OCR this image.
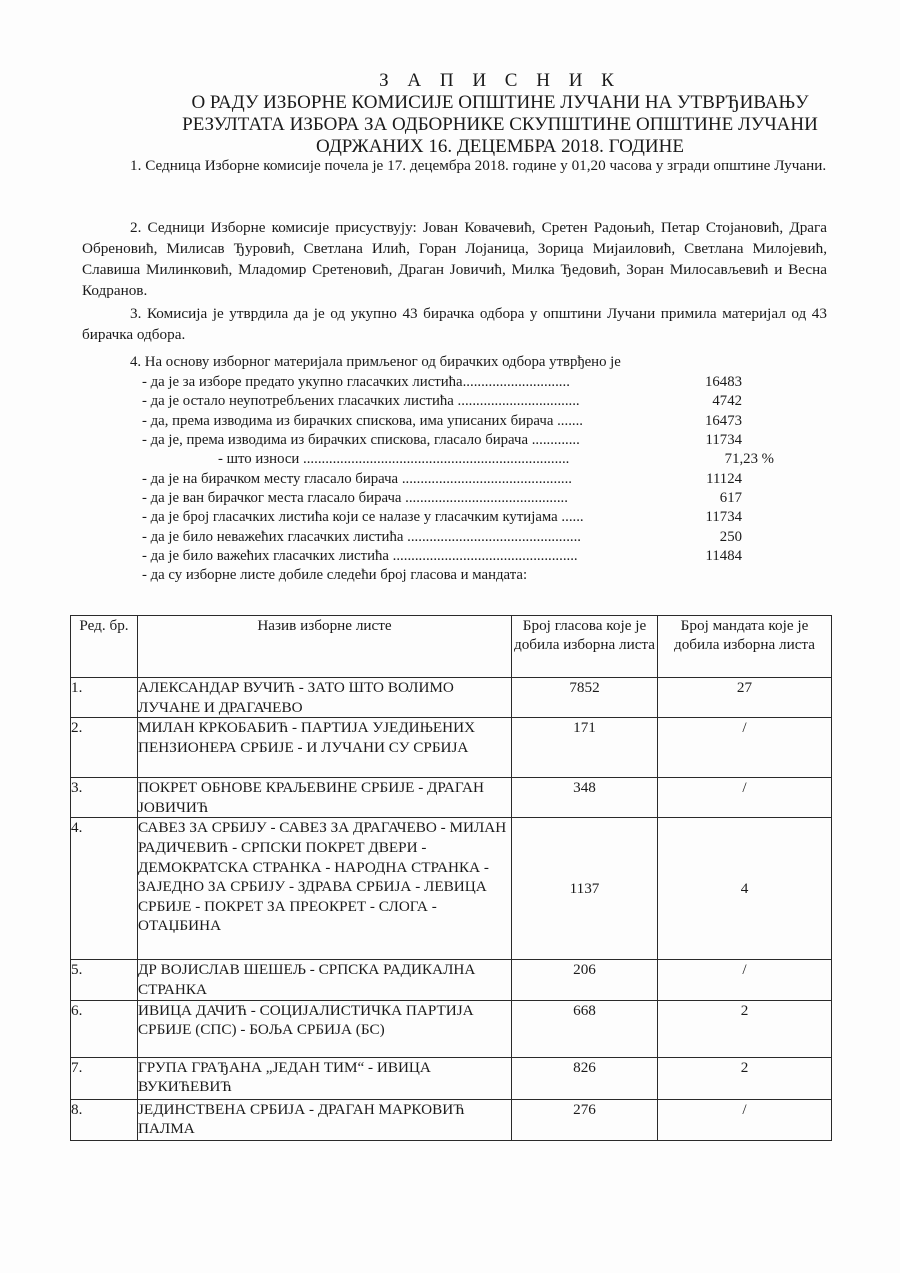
З А П И С Н И К
О РАДУ ИЗБОРНЕ КОМИСИЈЕ ОПШТИНЕ ЛУЧАНИ НА УТВРЂИВАЊУ
РЕЗУЛТАТА ИЗБОРА ЗА ОДБОРНИКЕ СКУПШТИНЕ ОПШТИНЕ ЛУЧАНИ
ОДРЖАНИХ 16. ДЕЦЕМБРА 2018. ГОДИНЕ
1. Седница Изборне комисије почела је 17. децембра 2018. године у 01,20 часова у згради општине Лучани.
2. Седници Изборне комисије присуствују: Јован Ковачевић, Сретен Радоњић, Петар Стојановић, Драга Обреновић, Милисав Ђуровић, Светлана Илић, Горан Лојаница, Зорица Мијаиловић, Светлана Милојевић, Славиша Милинковић, Младомир Сретеновић, Драган Јовичић, Милка Ђедовић, Зоран Милосављевић и Весна Кодранов.
3. Комисија је утврдила да је од укупно 43 бирачка одбора у општини Лучани примила материјал од 43 бирачка одбора.
4. На основу изборног материјала примљеног од бирачких одбора утврђено је
- да је за изборе предато укупно гласачких листића.............................	16483
- да је остало неупотребљених гласачких листића .................................	4742
- да, према изводима из бирачких спискова, има уписаних бирача .......	16473
- да је, према изводима из бирачких спискова, гласало бирача .............	11734
- што износи ........................................................................	71,23 %
- да је на бирачком месту гласало бирача ..............................................	11124
- да је ван бирачког места гласало бирача ............................................	617
- да је број гласачких листића који се налазе у гласачким кутијама ......	11734
- да је било неважећих гласачких листића ...............................................	250
- да је било важећих гласачких листића ..................................................	11484
- да су изборне листе добиле следећи број гласова и мандата:
Ред. бр.	Назив изборне листе	Број гласова које је добила изборна листа	Број мандата које је добила изборна листа
1.	АЛЕКСАНДАР ВУЧИЋ - ЗАТО ШТО ВОЛИМО ЛУЧАНЕ И ДРАГАЧЕВО	7852	27
2.	МИЛАН КРКОБАБИЋ - ПАРТИЈА УЈЕДИЊЕНИХ ПЕНЗИОНЕРА СРБИЈЕ - И ЛУЧАНИ СУ СРБИЈА	171	/
3.	ПОКРЕТ ОБНОВЕ КРАЉЕВИНЕ СРБИЈЕ - ДРАГАН ЈОВИЧИЋ	348	/
4.	САВЕЗ ЗА СРБИЈУ - САВЕЗ ЗА ДРАГАЧЕВО - МИЛАН РАДИЧЕВИЋ - СРПСКИ ПОКРЕТ ДВЕРИ - ДЕМОКРАТСКА СТРАНКА - НАРОДНА СТРАНКА - ЗАЈЕДНО ЗА СРБИЈУ - ЗДРАВА СРБИЈА - ЛЕВИЦА СРБИЈЕ - ПОКРЕТ ЗА ПРЕОКРЕТ - СЛОГА - ОТАЏБИНА	1137	4
5.	ДР ВОЈИСЛАВ ШЕШЕЉ - СРПСКА РАДИКАЛНА СТРАНКА	206	/
6.	ИВИЦА ДАЧИЋ - СОЦИЈАЛИСТИЧКА ПАРТИЈА СРБИЈЕ (СПС) - БОЉА СРБИЈА (БС)	668	2
7.	ГРУПА ГРАЂАНА „ЈЕДАН ТИМ“ - ИВИЦА ВУКИЋЕВИЋ	826	2
8.	ЈЕДИНСТВЕНА СРБИЈА - ДРАГАН МАРКОВИЋ ПАЛМА	276	/
